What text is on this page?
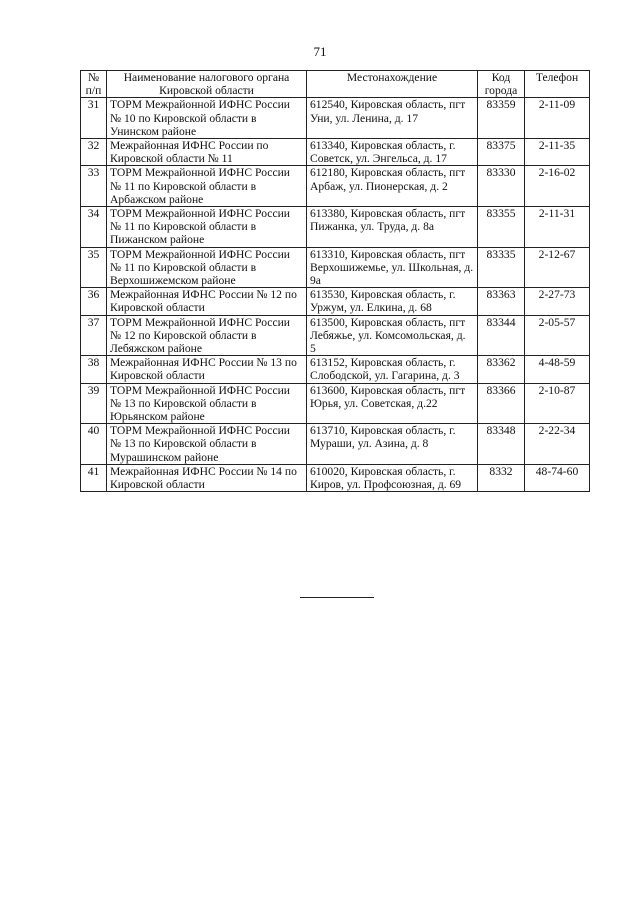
71
№ п/п	Наименование налогового органа Кировской области	Местонахождение	Код города	Телефон
31	ТОРМ Межрайонной ИФНС России № 10 по Кировской области в Унинском районе	612540, Кировская область, пгт Уни, ул. Ленина, д. 17	83359	2-11-09
32	Межрайонная ИФНС России по Кировской области № 11	613340, Кировская область, г. Советск, ул. Энгельса, д. 17	83375	2-11-35
33	ТОРМ Межрайонной ИФНС России № 11 по Кировской области в Арбажском районе	612180, Кировская область, пгт Арбаж, ул. Пионерская, д. 2	83330	2-16-02
34	ТОРМ Межрайонной ИФНС России № 11 по Кировской области в Пижанском районе	613380, Кировская область, пгт Пижанка, ул. Труда, д. 8а	83355	2-11-31
35	ТОРМ Межрайонной ИФНС России № 11 по Кировской области в Верхошижемском районе	613310, Кировская область, пгт Верхошижемье, ул. Школьная, д. 9а	83335	2-12-67
36	Межрайонная ИФНС России № 12 по Кировской области	613530, Кировская область, г. Уржум, ул. Елкина, д. 68	83363	2-27-73
37	ТОРМ Межрайонной ИФНС России № 12 по Кировской области в Лебяжском районе	613500, Кировская область, пгт Лебяжье, ул. Комсомольская, д. 5	83344	2-05-57
38	Межрайонная ИФНС России № 13 по Кировской области	613152, Кировская область, г. Слободской, ул. Гагарина, д. 3	83362	4-48-59
39	ТОРМ Межрайонной ИФНС России № 13 по Кировской области в Юрьянском районе	613600, Кировская область, пгт Юрья, ул. Советская, д.22	83366	2-10-87
40	ТОРМ Межрайонной ИФНС России № 13 по Кировской области в Мурашинском районе	613710, Кировская область, г. Мураши, ул. Азина, д. 8	83348	2-22-34
41	Межрайонная ИФНС России № 14 по Кировской области	610020, Кировская область, г. Киров, ул. Профсоюзная, д. 69	8332	48-74-60
